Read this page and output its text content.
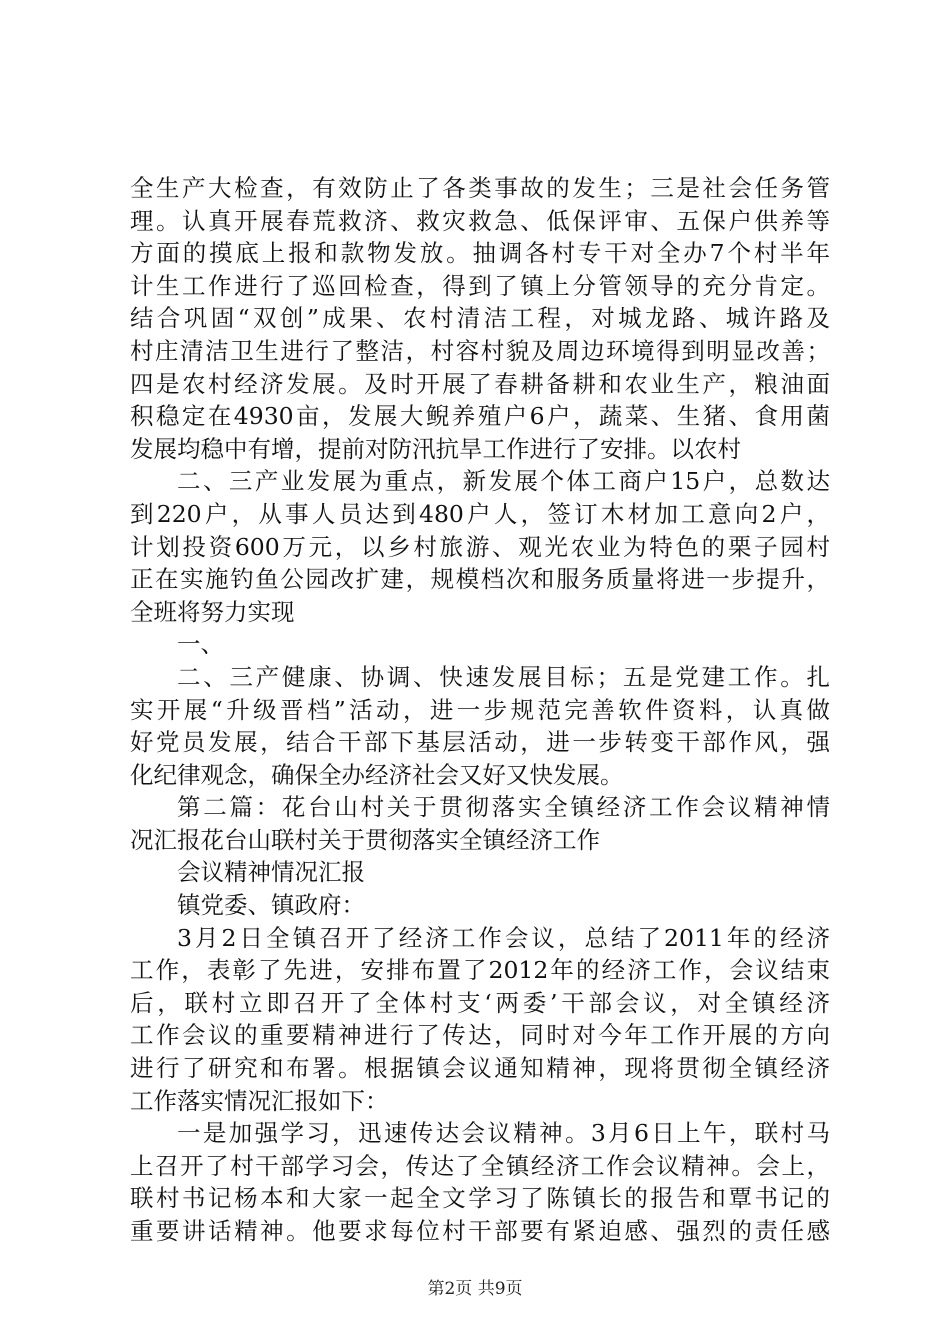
全生产大检查，有效防止了各类事故的发生；三是社会任务管
理。认真开展春荒救济、救灾救急、低保评审、五保户供养等
方面的摸底上报和款物发放。抽调各村专干对全办7个村半年
计生工作进行了巡回检查，得到了镇上分管领导的充分肯定。
结合巩固“双创”成果、农村清洁工程，对城龙路、城许路及
村庄清洁卫生进行了整洁，村容村貌及周边环境得到明显改善；
四是农村经济发展。及时开展了春耕备耕和农业生产，粮油面
积稳定在4930亩，发展大鲵养殖户6户，蔬菜、生猪、食用菌
发展均稳中有增，提前对防汛抗旱工作进行了安排。以农村
二、三产业发展为重点，新发展个体工商户15户，总数达
到220户，从事人员达到480户人，签订木材加工意向2户，
计划投资600万元，以乡村旅游、观光农业为特色的栗子园村
正在实施钓鱼公园改扩建，规模档次和服务质量将进一步提升，
全班将努力实现
一、
二、三产健康、协调、快速发展目标；五是党建工作。扎
实开展“升级晋档”活动，进一步规范完善软件资料，认真做
好党员发展，结合干部下基层活动，进一步转变干部作风，强
化纪律观念，确保全办经济社会又好又快发展。
第二篇：花台山村关于贯彻落实全镇经济工作会议精神情
况汇报花台山联村关于贯彻落实全镇经济工作
会议精神情况汇报
镇党委、镇政府：
3月2日全镇召开了经济工作会议，总结了2011年的经济
工作，表彰了先进，安排布置了2012年的经济工作，会议结束
后，联村立即召开了全体村支‘两委’干部会议，对全镇经济
工作会议的重要精神进行了传达，同时对今年工作开展的方向
进行了研究和布署。根据镇会议通知精神，现将贯彻全镇经济
工作落实情况汇报如下：
一是加强学习，迅速传达会议精神。3月6日上午，联村马
上召开了村干部学习会，传达了全镇经济工作会议精神。会上，
联村书记杨本和大家一起全文学习了陈镇长的报告和覃书记的
重要讲话精神。他要求每位村干部要有紧迫感、强烈的责任感
第2页 共9页
